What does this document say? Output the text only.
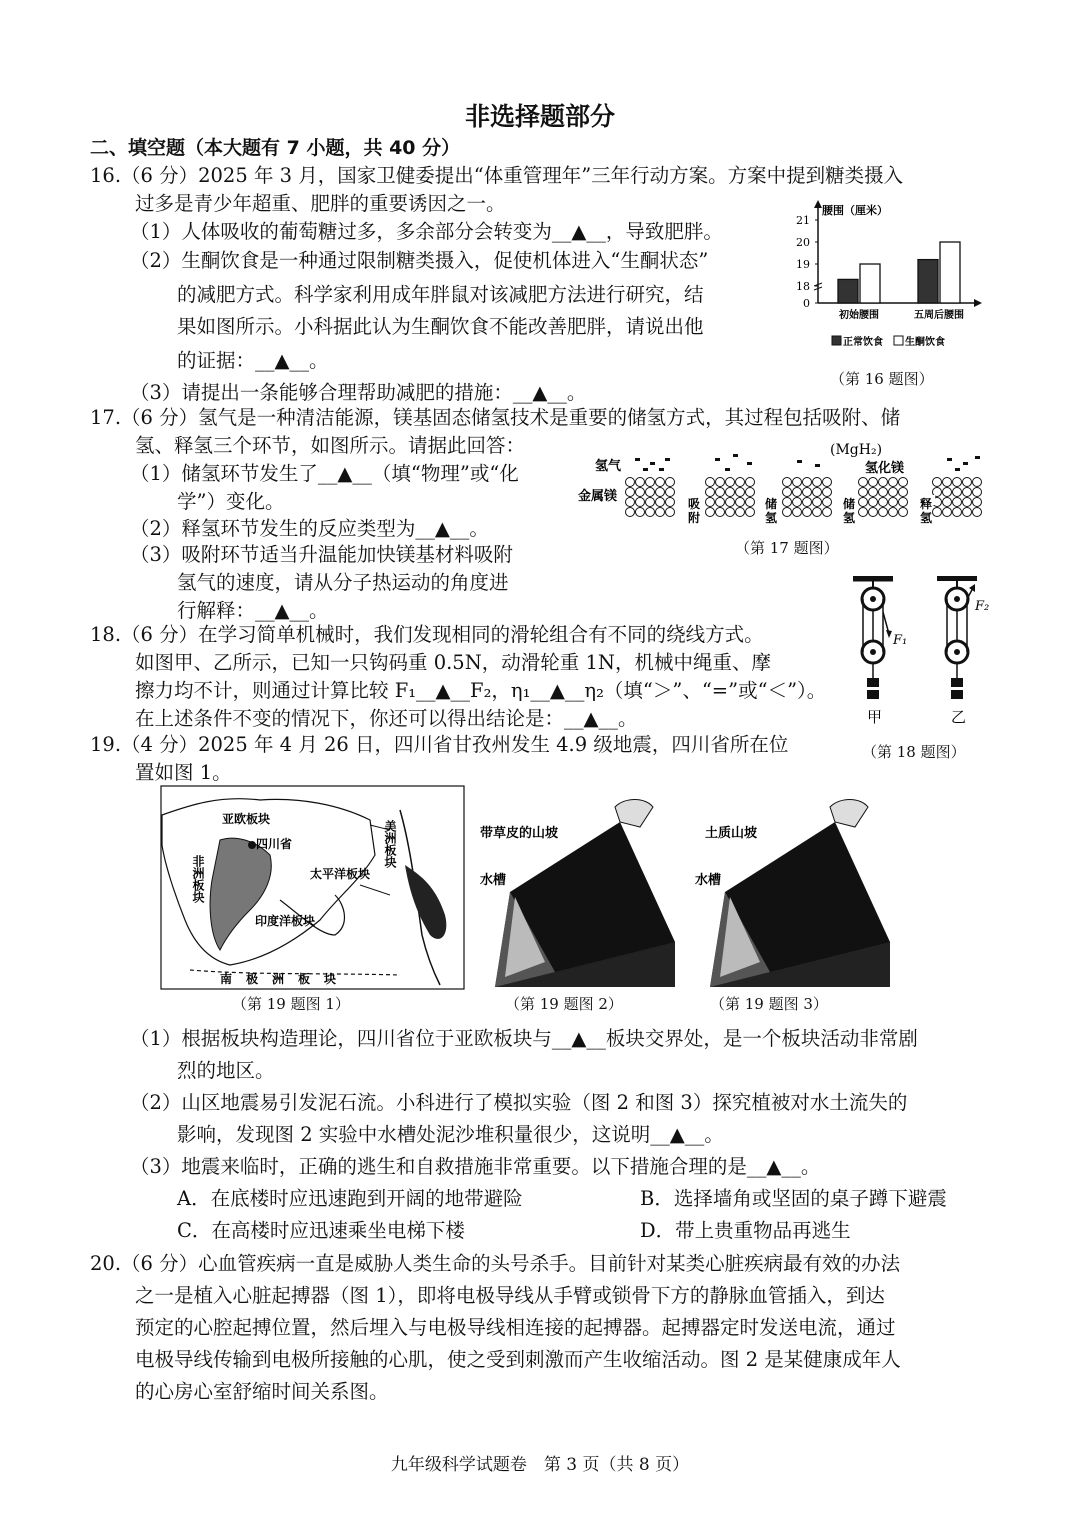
非选择题部分
二、填空题（本大题有 7 小题，共 40 分）
16.（6 分）2025 年 3 月，国家卫健委提出“体重管理年”三年行动方案。方案中提到糖类摄入
过多是青少年超重、肥胖的重要诱因之一。
（1）人体吸收的葡萄糖过多，多余部分会转变为__▲__，导致肥胖。
（2）生酮饮食是一种通过限制糖类摄入，促使机体进入“生酮状态”
的减肥方式。科学家利用成年胖鼠对该减肥方法进行研究，结
果如图所示。小科据此认为生酮饮食不能改善肥胖，请说出他
的证据：__▲__。
（3）请提出一条能够合理帮助减肥的措施：__▲__。
腰围（厘米）
0
18
19
20
21
初始腰围	五周后腰围
正常饮食 生酮饮食
（第 16 题图）
17.（6 分）氢气是一种清洁能源，镁基固态储氢技术是重要的储氢方式，其过程包括吸附、储
氢、释氢三个环节，如图所示。请据此回答：
（1）储氢环节发生了__▲__（填“物理”或“化
学”）变化。
（2）释氢环节发生的反应类型为__▲__。
（3）吸附环节适当升温能加快镁基材料吸附
氢气的速度，请从分子热运动的角度进
行解释：__▲__。
氢气
金属镁
(MgH₂)
氢化镁
吸
附
储
氢
储
氢
释
氢
（第 17 题图）
18.（6 分）在学习简单机械时，我们发现相同的滑轮组合有不同的绕线方式。
如图甲、乙所示，已知一只钩码重 0.5N，动滑轮重 1N，机械中绳重、摩
擦力均不计，则通过计算比较 F₁__▲__F₂，η₁__▲__η₂（填“＞”、“=”或“＜”）。
在上述条件不变的情况下，你还可以得出结论是：__▲__。
F₁
甲
F₂
乙
（第 18 题图）
19.（4 分）2025 年 4 月 26 日，四川省甘孜州发生 4.9 级地震，四川省所在位
置如图 1。
亚欧板块
四川省
非洲板块	太平洋板块
印度洋板块
南极洲板块
美洲板块
（第 19 题图 1）
带草皮的山坡
水槽
（第 19 题图 2）
土质山坡
水槽
（第 19 题图 3）
（1）根据板块构造理论，四川省位于亚欧板块与__▲__板块交界处，是一个板块活动非常剧
烈的地区。
（2）山区地震易引发泥石流。小科进行了模拟实验（图 2 和图 3）探究植被对水土流失的
影响，发现图 2 实验中水槽处泥沙堆积量很少，这说明__▲__。
（3）地震来临时，正确的逃生和自救措施非常重要。以下措施合理的是__▲__。
A．在底楼时应迅速跑到开阔的地带避险	B．选择墙角或坚固的桌子蹲下避震
C．在高楼时应迅速乘坐电梯下楼	D．带上贵重物品再逃生
20.（6 分）心血管疾病一直是威胁人类生命的头号杀手。目前针对某类心脏疾病最有效的办法
之一是植入心脏起搏器（图 1），即将电极导线从手臂或锁骨下方的静脉血管插入，到达
预定的心腔起搏位置，然后埋入与电极导线相连接的起搏器。起搏器定时发送电流，通过
电极导线传输到电极所接触的心肌，使之受到刺激而产生收缩活动。图 2 是某健康成年人
的心房心室舒缩时间关系图。
九年级科学试题卷　第 3 页（共 8 页）
